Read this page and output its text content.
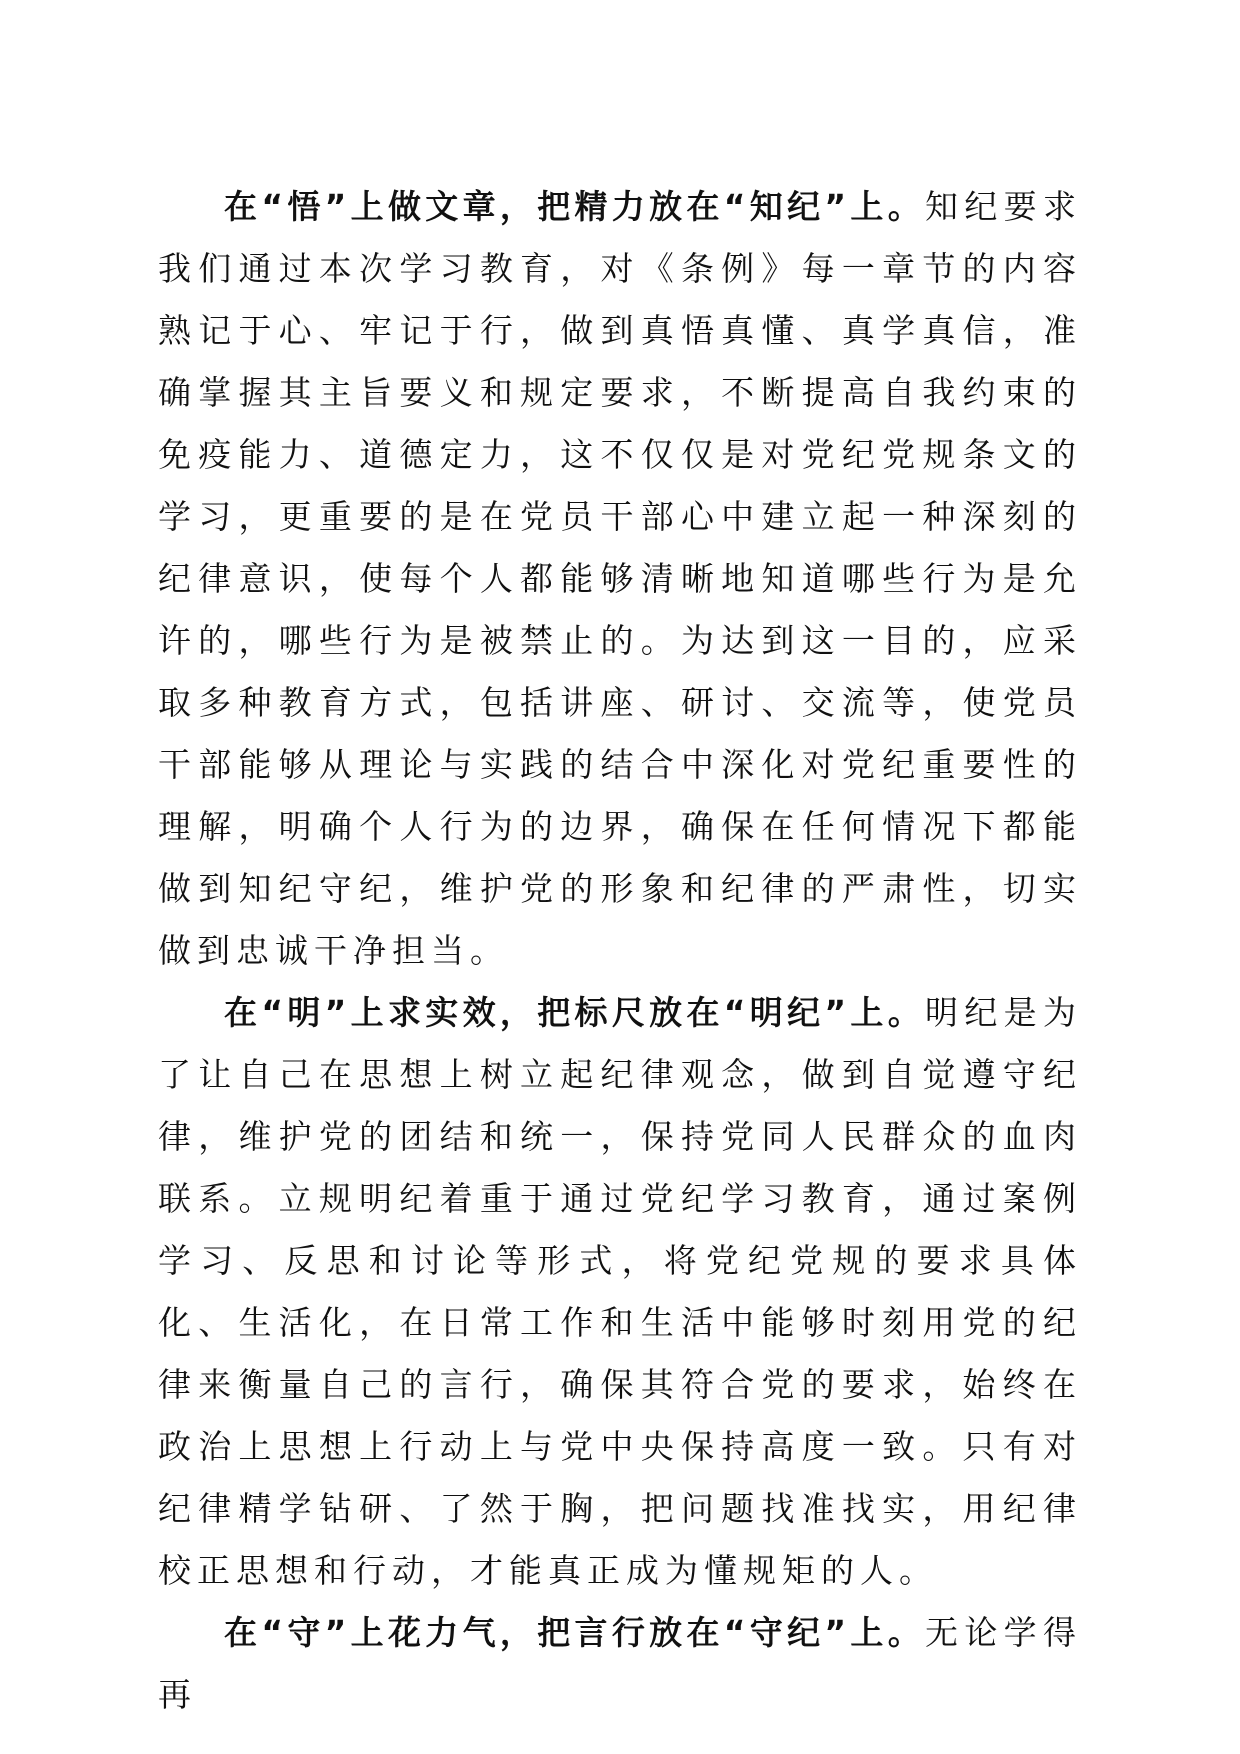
在“悟”上做文章，把精力放在“知纪”上。知纪要求我们通过本次学习教育，对《条例》每一章节的内容熟记于心、牢记于行，做到真悟真懂、真学真信，准确掌握其主旨要义和规定要求，不断提高自我约束的免疫能力、道德定力，这不仅仅是对党纪党规条文的学习，更重要的是在党员干部心中建立起一种深刻的纪律意识，使每个人都能够清晰地知道哪些行为是允许的，哪些行为是被禁止的。为达到这一目的，应采取多种教育方式，包括讲座、研讨、交流等，使党员干部能够从理论与实践的结合中深化对党纪重要性的理解，明确个人行为的边界，确保在任何情况下都能做到知纪守纪，维护党的形象和纪律的严肃性，切实做到忠诚干净担当。

在“明”上求实效，把标尺放在“明纪”上。明纪是为了让自己在思想上树立起纪律观念，做到自觉遵守纪律，维护党的团结和统一，保持党同人民群众的血肉联系。立规明纪着重于通过党纪学习教育，通过案例学习、反思和讨论等形式，将党纪党规的要求具体化、生活化，在日常工作和生活中能够时刻用党的纪律来衡量自己的言行，确保其符合党的要求，始终在政治上思想上行动上与党中央保持高度一致。只有对纪律精学钻研、了然于胸，把问题找准找实，用纪律校正思想和行动，才能真正成为懂规矩的人。

在“守”上花力气，把言行放在“守纪”上。无论学得再
